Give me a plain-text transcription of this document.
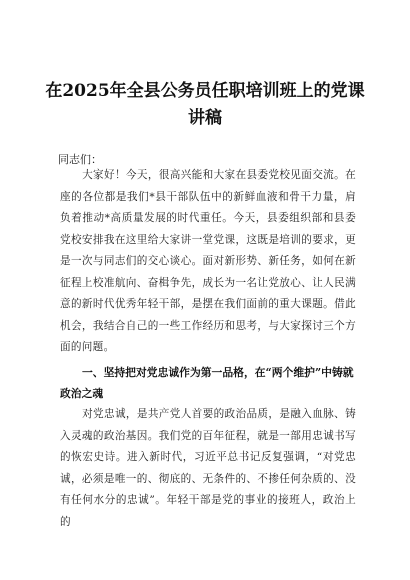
在2025年全县公务员任职培训班上的党课讲稿
同志们：
大家好！今天，很高兴能和大家在县委党校见面交流。在座的各位都是我们*县干部队伍中的新鲜血液和骨干力量，肩负着推动*高质量发展的时代重任。今天，县委组织部和县委党校安排我在这里给大家讲一堂党课，这既是培训的要求，更是一次与同志们的交心谈心。面对新形势、新任务，如何在新征程上校准航向、奋楫争先，成长为一名让党放心、让人民满意的新时代优秀年轻干部，是摆在我们面前的重大课题。借此机会，我结合自己的一些工作经历和思考，与大家探讨三个方面的问题。
一、坚持把对党忠诚作为第一品格，在“两个维护”中铸就政治之魂
对党忠诚，是共产党人首要的政治品质，是融入血脉、铸入灵魂的政治基因。我们党的百年征程，就是一部用忠诚书写的恢宏史诗。进入新时代，习近平总书记反复强调，“对党忠诚，必须是唯一的、彻底的、无条件的、不掺任何杂质的、没有任何水分的忠诚”。年轻干部是党的事业的接班人，政治上的
